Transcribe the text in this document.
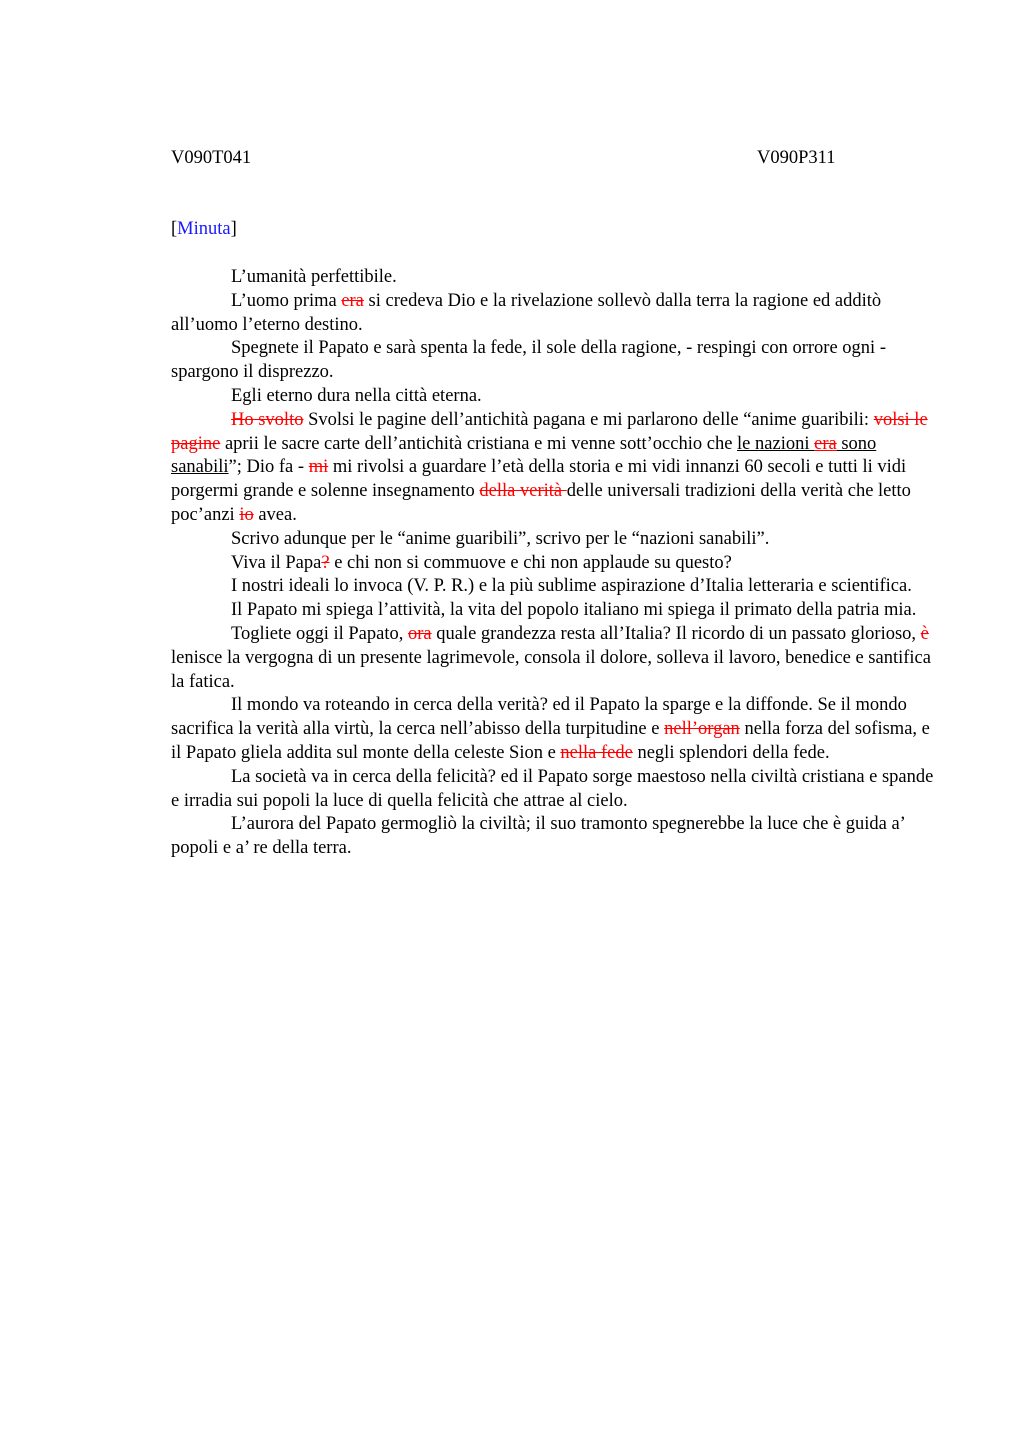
V090T041	V090P311
[Minuta]

L’umanità perfettibile.

L’uomo prima era si credeva Dio e la rivelazione sollevò dalla terra la ragione ed additò all’uomo l’eterno destino.

Spegnete il Papato e sarà spenta la fede, il sole della ragione, - respingi con orrore ogni - spargono il disprezzo.

Egli eterno dura nella città eterna.

Ho svolto Svolsi le pagine dell’antichità pagana e mi parlarono delle “anime guaribili: volsi le pagine aprii le sacre carte dell’antichità cristiana e mi venne sott’occhio che le nazioni era sono sanabili”; Dio fa - mi mi rivolsi a guardare l’età della storia e mi vidi innanzi 60 secoli e tutti li vidi porgermi grande e solenne insegnamento della verità delle universali tradizioni della verità che letto poc’anzi io avea.

Scrivo adunque per le “anime guaribili”, scrivo per le “nazioni sanabili”.

Viva il Papa? e chi non si commuove e chi non applaude su questo?

I nostri ideali lo invoca (V. P. R.) e la più sublime aspirazione d’Italia letteraria e scientifica.

Il Papato mi spiega l’attività, la vita del popolo italiano mi spiega il primato della patria mia.

Togliete oggi il Papato, ora quale grandezza resta all’Italia? Il ricordo di un passato glorioso, è lenisce la vergogna di un presente lagrimevole, consola il dolore, solleva il lavoro, benedice e santifica la fatica.

Il mondo va roteando in cerca della verità? ed il Papato la sparge e la diffonde. Se il mondo sacrifica la verità alla virtù, la cerca nell’abisso della turpitudine e nell’organ nella forza del sofisma, e il Papato gliela addita sul monte della celeste Sion e nella fede negli splendori della fede.

La società va in cerca della felicità? ed il Papato sorge maestoso nella civiltà cristiana e spande e irradia sui popoli la luce di quella felicità che attrae al cielo.

L’aurora del Papato germogliò la civiltà; il suo tramonto spegnerebbe la luce che è guida a’ popoli e a’ re della terra.
